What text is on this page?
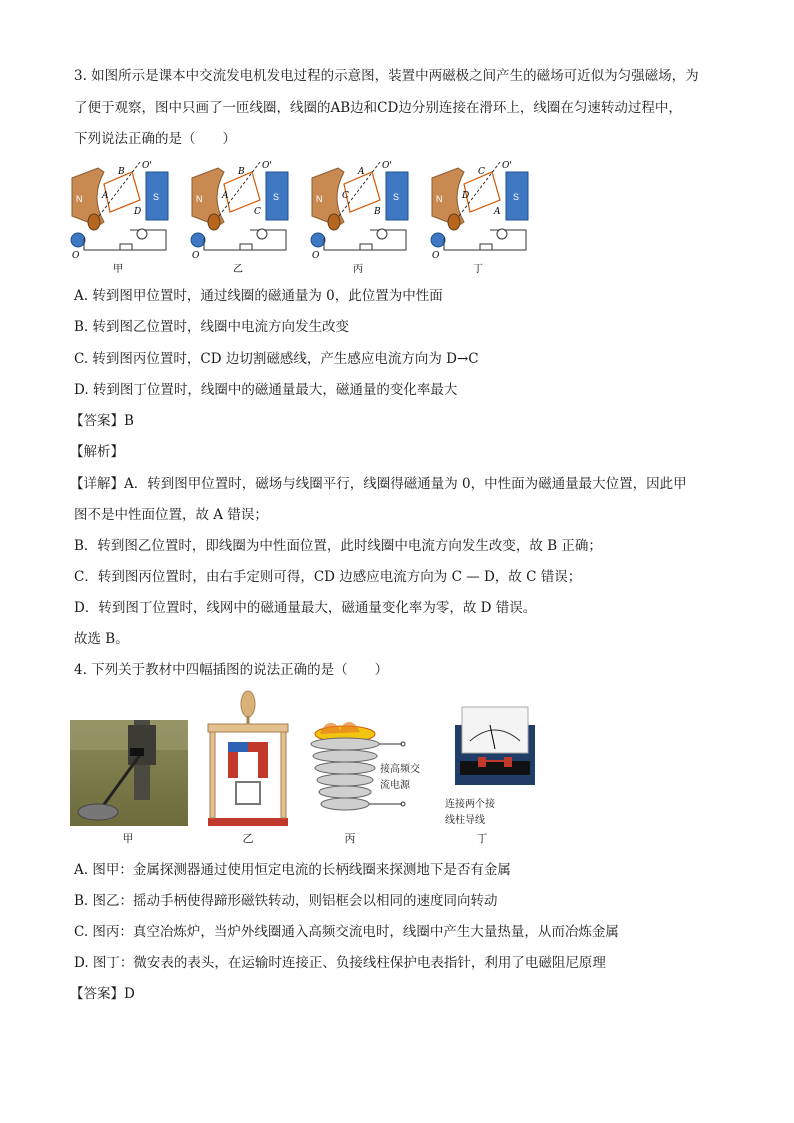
3. 如图所示是课本中交流发电机发电过程的示意图，装置中两磁极之间产生的磁场可近似为匀强磁场，为
了便于观察，图中只画了一匝线圈，线圈的AB边和CD边分别连接在滑环上，线圈在匀速转动过程中，
下列说法正确的是（　　）
N	S
B
A
D
O'
O
甲
N	S
B
A
C
O'
O
乙
N	S
A
C
B
O'
O
丙
N	S
C
D
A
O'
O
丁
A. 转到图甲位置时，通过线圈的磁通量为 0，此位置为中性面
B. 转到图乙位置时，线圈中电流方向发生改变
C. 转到图丙位置时，CD 边切割磁感线，产生感应电流方向为 D→C
D. 转到图丁位置时，线圈中的磁通量最大，磁通量的变化率最大
【答案】B
【解析】
【详解】A．转到图甲位置时，磁场与线圈平行，线圈得磁通量为 0，中性面为磁通量最大位置，因此甲
图不是中性面位置，故 A 错误；
B．转到图乙位置时，即线圈为中性面位置，此时线圈中电流方向发生改变，故 B 正确；
C．转到图丙位置时，由右手定则可得，CD 边感应电流方向为 C — D，故 C 错误；
D．转到图丁位置时，线网中的磁通量最大，磁通量变化率为零，故 D 错误。
故选 B。
4. 下列关于教材中四幅插图的说法正确的是（　　）
甲	乙
接高频交
流电源
丙
连接两个接
线柱导线
丁
A. 图甲：金属探测器通过使用恒定电流的长柄线圈来探测地下是否有金属
B. 图乙：摇动手柄使得蹄形磁铁转动，则铝框会以相同的速度同向转动
C. 图丙：真空冶炼炉，当炉外线圈通入高频交流电时，线圈中产生大量热量，从而冶炼金属
D. 图丁：微安表的表头，在运输时连接正、负接线柱保护电表指针，利用了电磁阻尼原理
【答案】D
